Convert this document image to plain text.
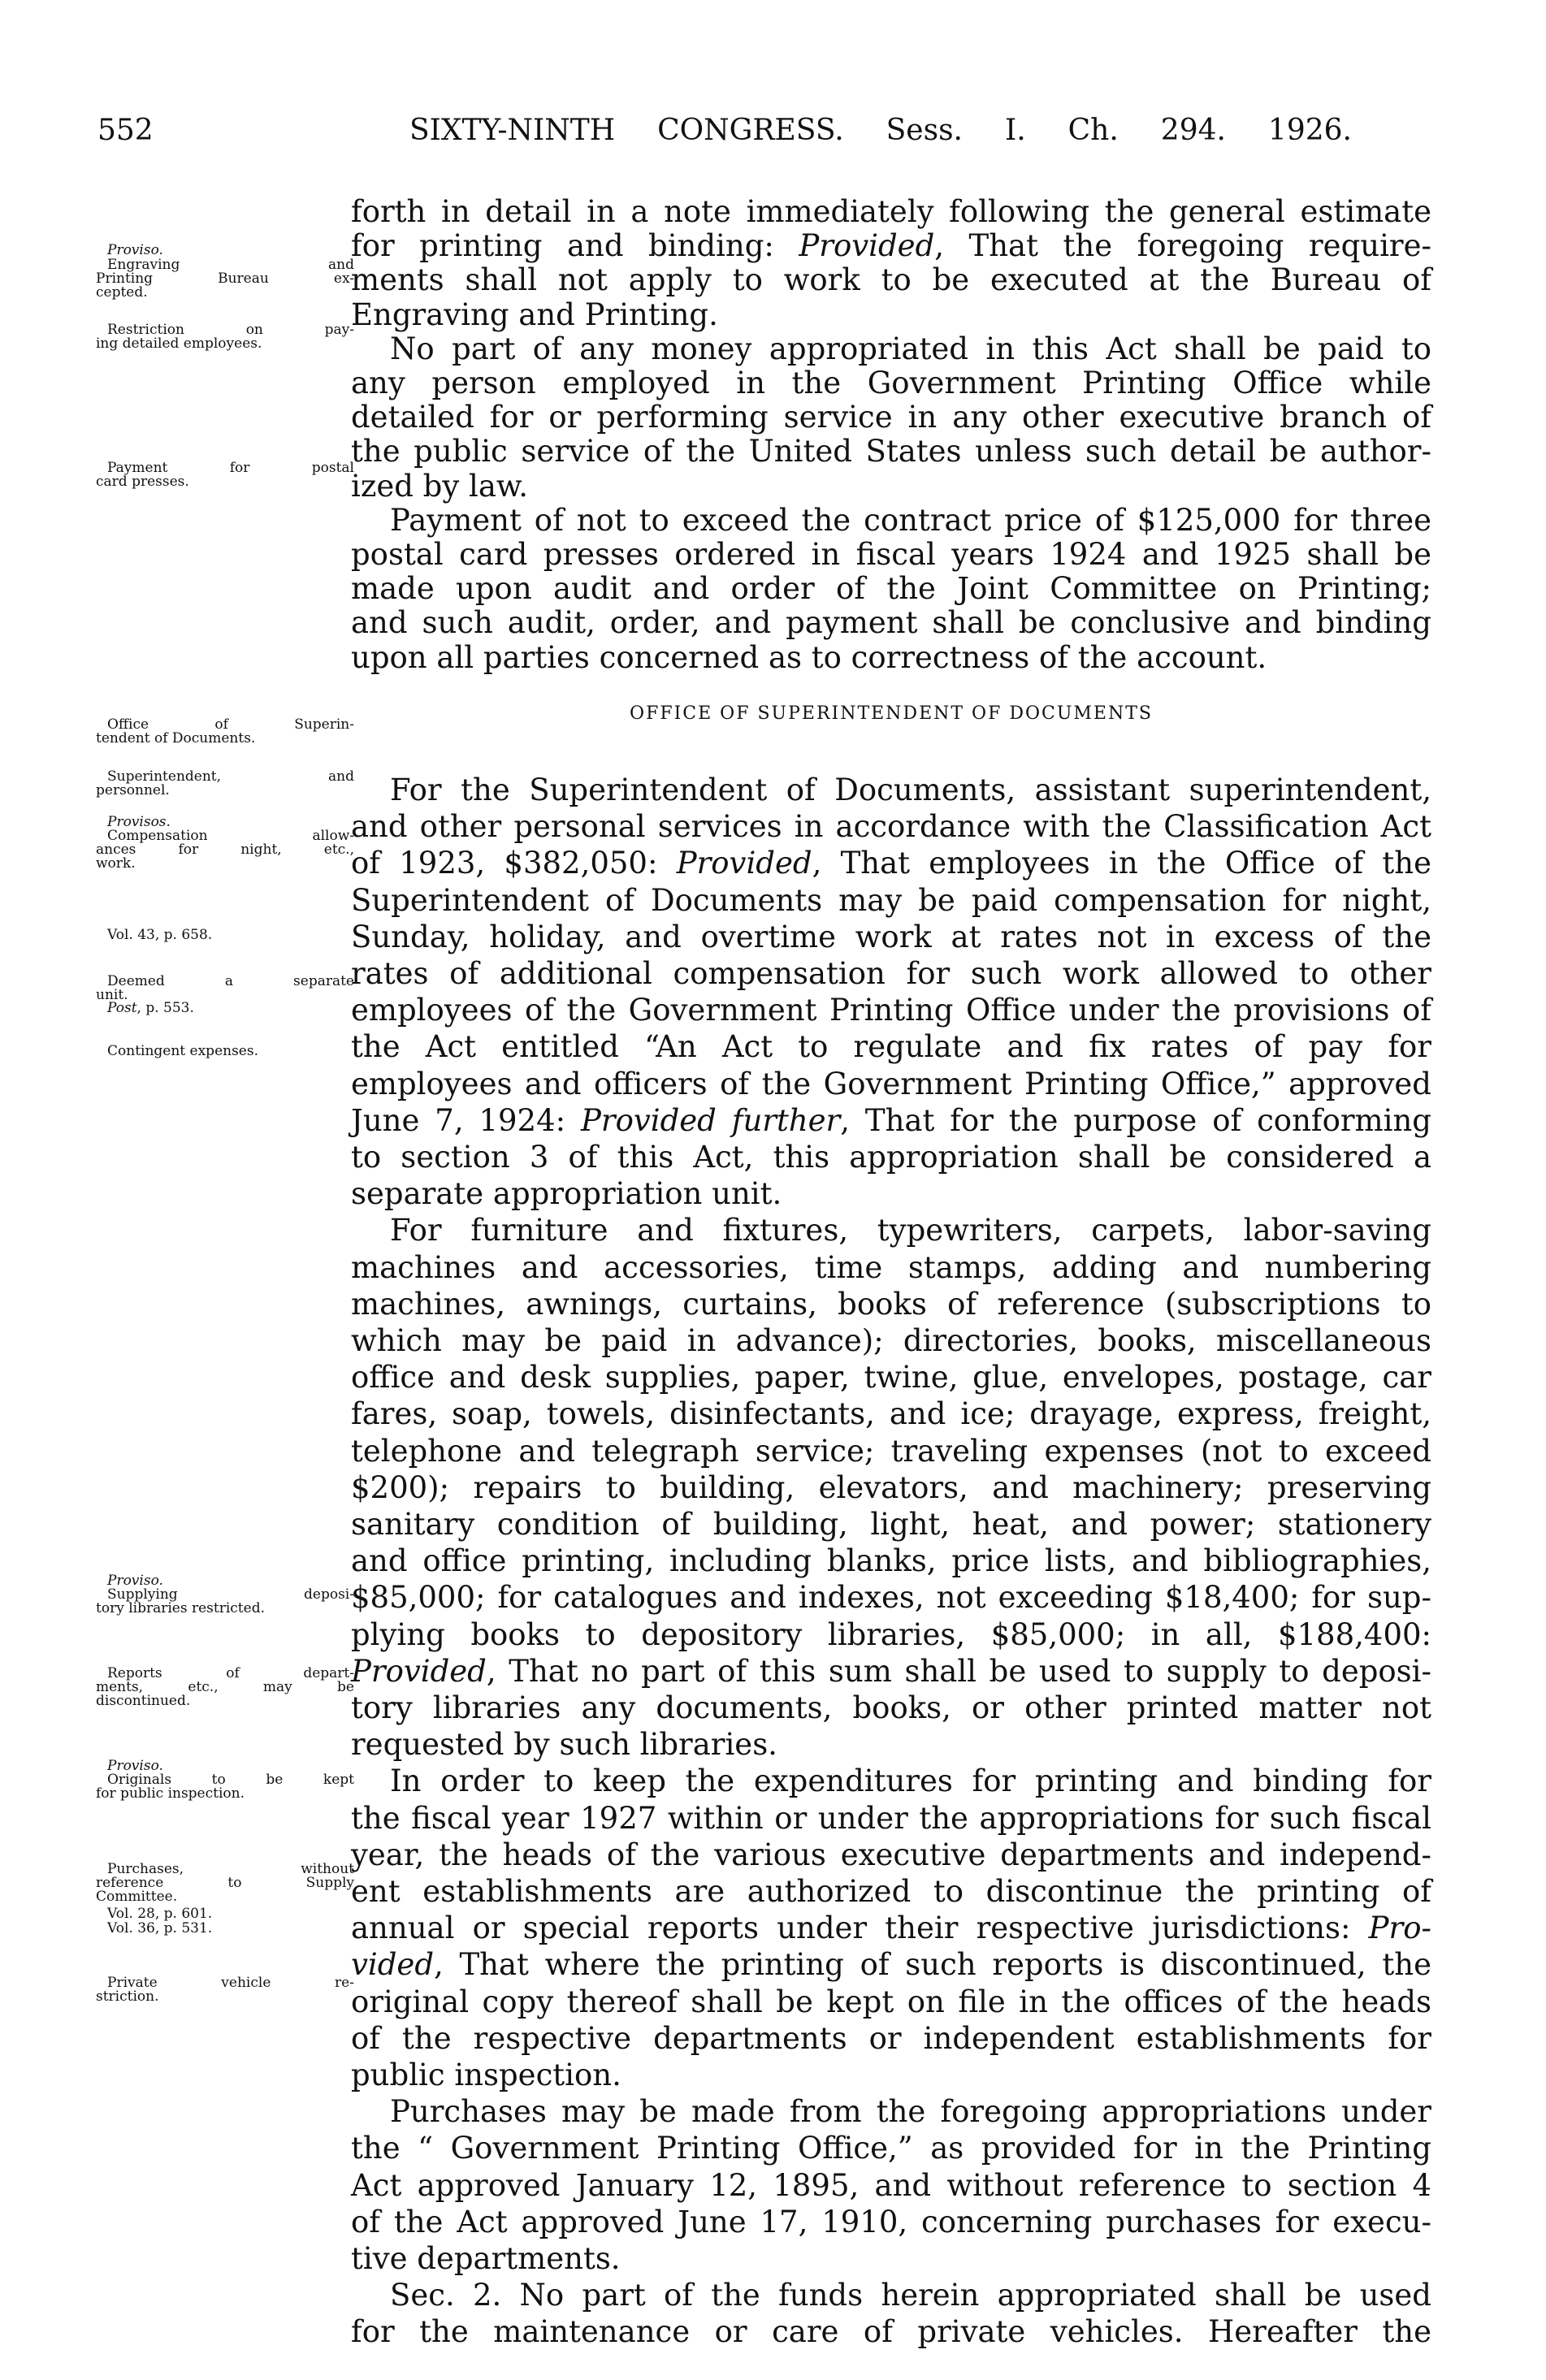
552	SIXTY-NINTH CONGRESS. Sess. I. Ch. 294. 1926.
OFFICE OF SUPERINTENDENT OF DOCUMENTS
forth in detail in a note immediately following the general estimate
for printing and binding: Provided, That the foregoing require-
ments shall not apply to work to be executed at the Bureau of
Engraving and Printing.
No part of any money appropriated in this Act shall be paid to
any person employed in the Government Printing Office while
detailed for or performing service in any other executive branch of
the public service of the United States unless such detail be author-
ized by law.
Payment of not to exceed the contract price of $125,000 for three
postal card presses ordered in fiscal years 1924 and 1925 shall be
made upon audit and order of the Joint Committee on Printing;
and such audit, order, and payment shall be conclusive and binding
upon all parties concerned as to correctness of the account.
For the Superintendent of Documents, assistant superintendent,
and other personal services in accordance with the Classification Act
of 1923, $382,050: Provided, That employees in the Office of the
Superintendent of Documents may be paid compensation for night,
Sunday, holiday, and overtime work at rates not in excess of the
rates of additional compensation for such work allowed to other
employees of the Government Printing Office under the provisions of
the Act entitled “An Act to regulate and fix rates of pay for
employees and officers of the Government Printing Office,” approved
June 7, 1924: Provided further, That for the purpose of conforming
to section 3 of this Act, this appropriation shall be considered a
separate appropriation unit.
For furniture and fixtures, typewriters, carpets, labor-saving
machines and accessories, time stamps, adding and numbering
machines, awnings, curtains, books of reference (subscriptions to
which may be paid in advance); directories, books, miscellaneous
office and desk supplies, paper, twine, glue, envelopes, postage, car
fares, soap, towels, disinfectants, and ice; drayage, express, freight,
telephone and telegraph service; traveling expenses (not to exceed
$200); repairs to building, elevators, and machinery; preserving
sanitary condition of building, light, heat, and power; stationery
and office printing, including blanks, price lists, and bibliographies,
$85,000; for catalogues and indexes, not exceeding $18,400; for sup-
plying books to depository libraries, $85,000; in all, $188,400:
Provided, That no part of this sum shall be used to supply to deposi-
tory libraries any documents, books, or other printed matter not
requested by such libraries.
In order to keep the expenditures for printing and binding for
the fiscal year 1927 within or under the appropriations for such fiscal
year, the heads of the various executive departments and independ-
ent establishments are authorized to discontinue the printing of
annual or special reports under their respective jurisdictions: Pro-
vided, That where the printing of such reports is discontinued, the
original copy thereof shall be kept on file in the offices of the heads
of the respective departments or independent establishments for
public inspection.
Purchases may be made from the foregoing appropriations under
the “ Government Printing Office,” as provided for in the Printing
Act approved January 12, 1895, and without reference to section 4
of the Act approved June 17, 1910, concerning purchases for execu-
tive departments.
Sec. 2. No part of the funds herein appropriated shall be used
for the maintenance or care of private vehicles. Hereafter the
Proviso.
Engraving and
Printing Bureau ex-
cepted.
Restriction on pay-
ing detailed employees.
Payment for postal
card presses.
Office of Superin-
tendent of Documents.
Superintendent, and
personnel.
Provisos.
Compensation allow-
ances for night, etc.,
work.
Vol. 43, p. 658.
Deemed a separate
unit.
Post, p. 553.
Contingent expenses.
Proviso.
Supplying deposi-
tory libraries restricted.
Reports of depart-
ments, etc., may be
discontinued.
Proviso.
Originals to be kept
for public inspection.
Purchases, without
reference to Supply
Committee.
Vol. 28, p. 601.
Vol. 36, p. 531.
Private vehicle re-
striction.
